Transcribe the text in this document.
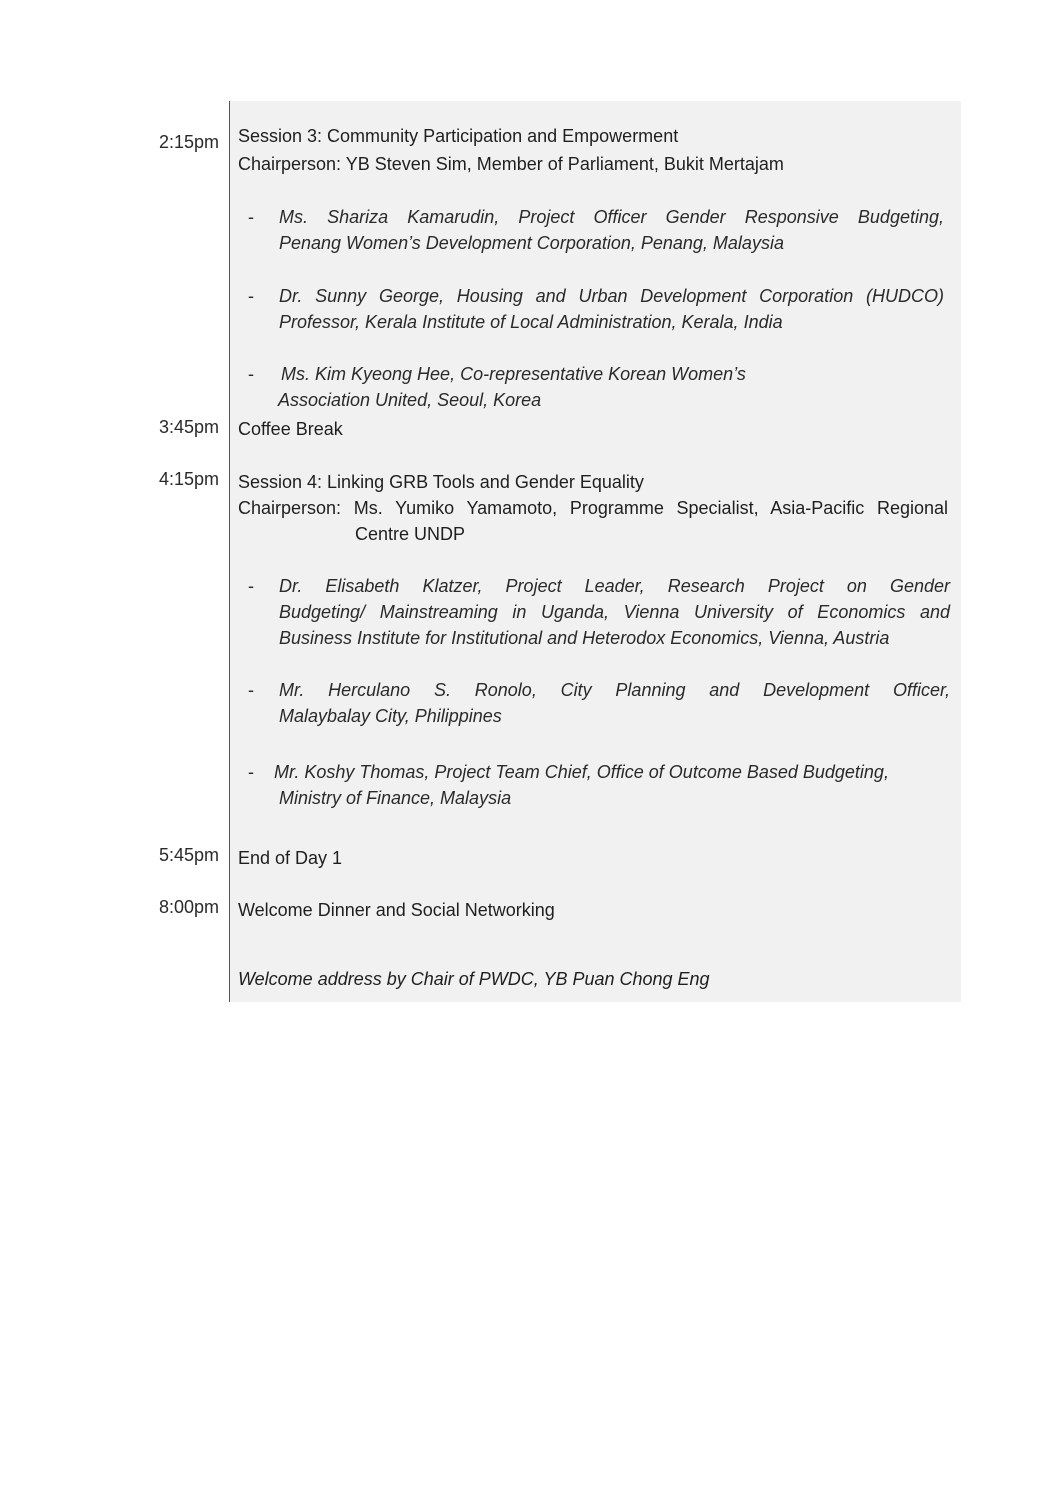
2:15pm Session 3: Community Participation and Empowerment
Chairperson: YB Steven Sim, Member of Parliament, Bukit Mertajam
- Ms. Shariza Kamarudin, Project Officer Gender Responsive Budgeting,
Penang Women’s Development Corporation, Penang, Malaysia
- Dr. Sunny George, Housing and Urban Development Corporation (HUDCO)
Professor, Kerala Institute of Local Administration, Kerala, India
- Ms. Kim Kyeong Hee, Co-representative Korean Women’s
Association United, Seoul, Korea
3:45pm Coffee Break
4:15pm Session 4: Linking GRB Tools and Gender Equality
Chairperson: Ms. Yumiko Yamamoto, Programme Specialist, Asia-Pacific Regional
Centre UNDP
- Dr. Elisabeth Klatzer, Project Leader, Research Project on Gender
Budgeting/ Mainstreaming in Uganda, Vienna University of Economics and
Business Institute for Institutional and Heterodox Economics, Vienna, Austria
- Mr. Herculano S. Ronolo, City Planning and Development Officer,
Malaybalay City, Philippines
- Mr. Koshy Thomas, Project Team Chief, Office of Outcome Based Budgeting,
Ministry of Finance, Malaysia
5:45pm End of Day 1
8:00pm Welcome Dinner and Social Networking
Welcome address by Chair of PWDC, YB Puan Chong Eng
